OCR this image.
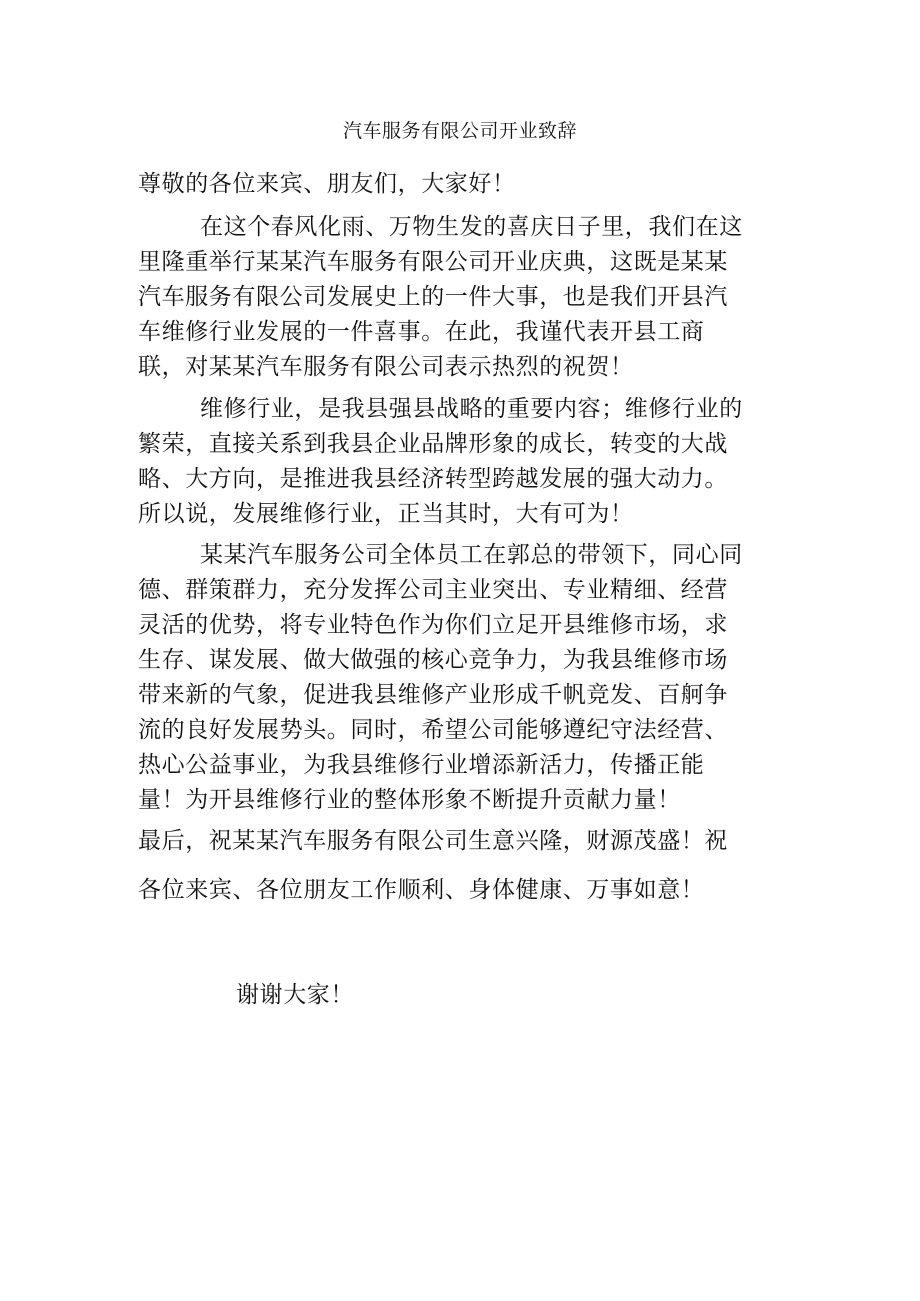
汽车服务有限公司开业致辞
尊敬的各位来宾、朋友们，大家好！
在这个春风化雨、万物生发的喜庆日子里，我们在这
里隆重举行某某汽车服务有限公司开业庆典，这既是某某
汽车服务有限公司发展史上的一件大事，也是我们开县汽
车维修行业发展的一件喜事。在此，我谨代表开县工商
联，对某某汽车服务有限公司表示热烈的祝贺！
维修行业，是我县强县战略的重要内容；维修行业的
繁荣，直接关系到我县企业品牌形象的成长，转变的大战
略、大方向，是推进我县经济转型跨越发展的强大动力。
所以说，发展维修行业，正当其时，大有可为！
某某汽车服务公司全体员工在郭总的带领下，同心同
德、群策群力，充分发挥公司主业突出、专业精细、经营
灵活的优势，将专业特色作为你们立足开县维修市场，求
生存、谋发展、做大做强的核心竞争力，为我县维修市场
带来新的气象，促进我县维修产业形成千帆竞发、百舸争
流的良好发展势头。同时，希望公司能够遵纪守法经营、
热心公益事业，为我县维修行业增添新活力，传播正能
量！为开县维修行业的整体形象不断提升贡献力量！
最后，祝某某汽车服务有限公司生意兴隆，财源茂盛！祝
各位来宾、各位朋友工作顺利、身体健康、万事如意！
谢谢大家！
